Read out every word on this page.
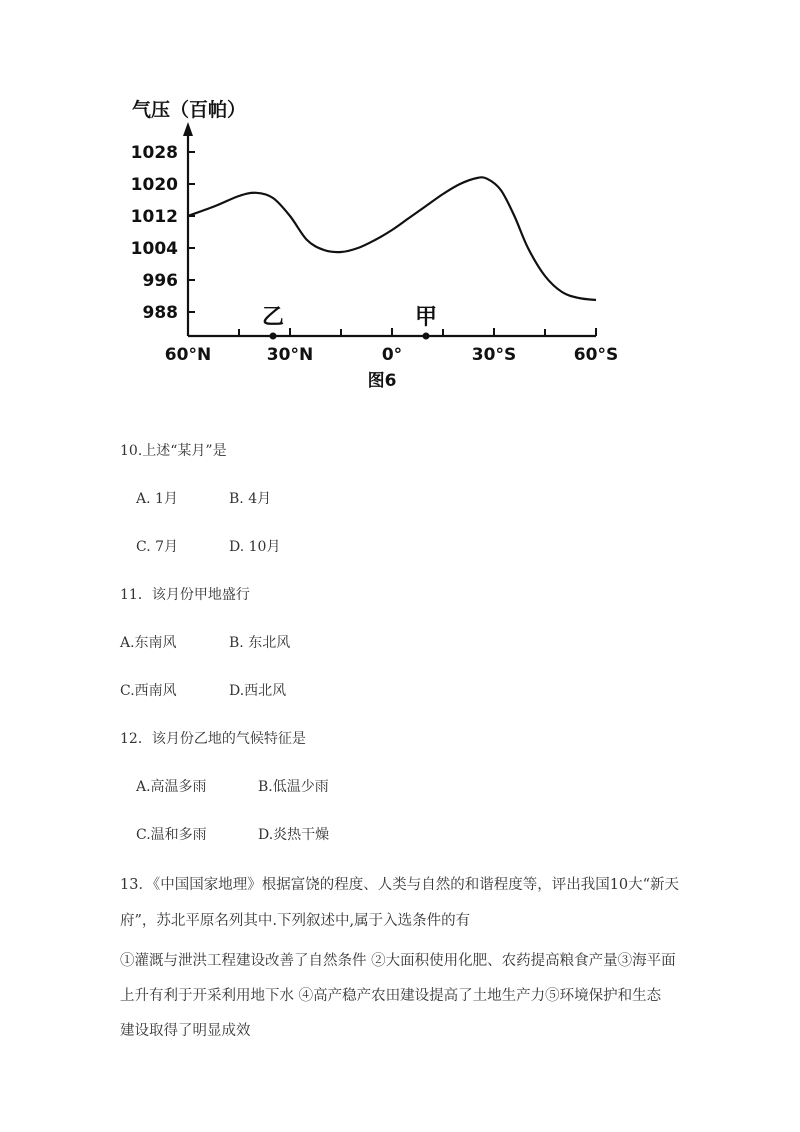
1028
1020
1012
1004
996
988
60°N	30°N	0°	30°S	60°S
乙	甲
气压（百帕）
图6
10.上述“某月”是
A. 1月	B. 4月
C. 7月	D. 10月
11．该月份甲地盛行
A.东南风	B. 东北风
C.西南风	D.西北风
12．该月份乙地的气候特征是
A.高温多雨	B.低温少雨
C.温和多雨	D.炎热干燥
13．《中国国家地理》根据富饶的程度、人类与自然的和谐程度等，评出我国10大“新天
府”，苏北平原名列其中.下列叙述中,属于入选条件的有
①灌溉与泄洪工程建设改善了自然条件 ②大面积使用化肥、农药提高粮食产量③海平面
上升有利于开采利用地下水 ④高产稳产农田建设提高了土地生产力⑤环境保护和生态
建设取得了明显成效
